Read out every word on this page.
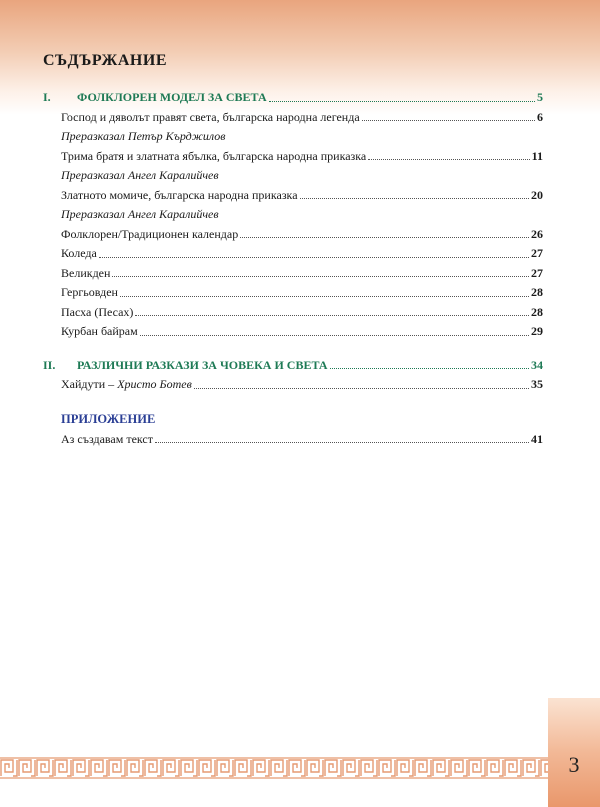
СЪДЪРЖАНИЕ
I.	ФОЛКЛОРЕН МОДЕЛ ЗА СВЕТА	5
Господ и дяволът правят света, българска народна легенда	6
Преразказал Петър Кърджилов
Трима братя и златната ябълка, българска народна приказка	11
Преразказал Ангел Каралийчев
Златното момиче, българска народна приказка	20
Преразказал Ангел Каралийчев
Фолклорен/Традиционен календар	26
Коледа	27
Великден	27
Гергьовден	28
Пасха (Песах)	28
Курбан байрам	29
II.	РАЗЛИЧНИ РАЗКАЗИ ЗА ЧОВЕКА И СВЕТА	34
Хайдути – Христо Ботев	35
ПРИЛОЖЕНИЕ
Аз създавам текст	41
3
